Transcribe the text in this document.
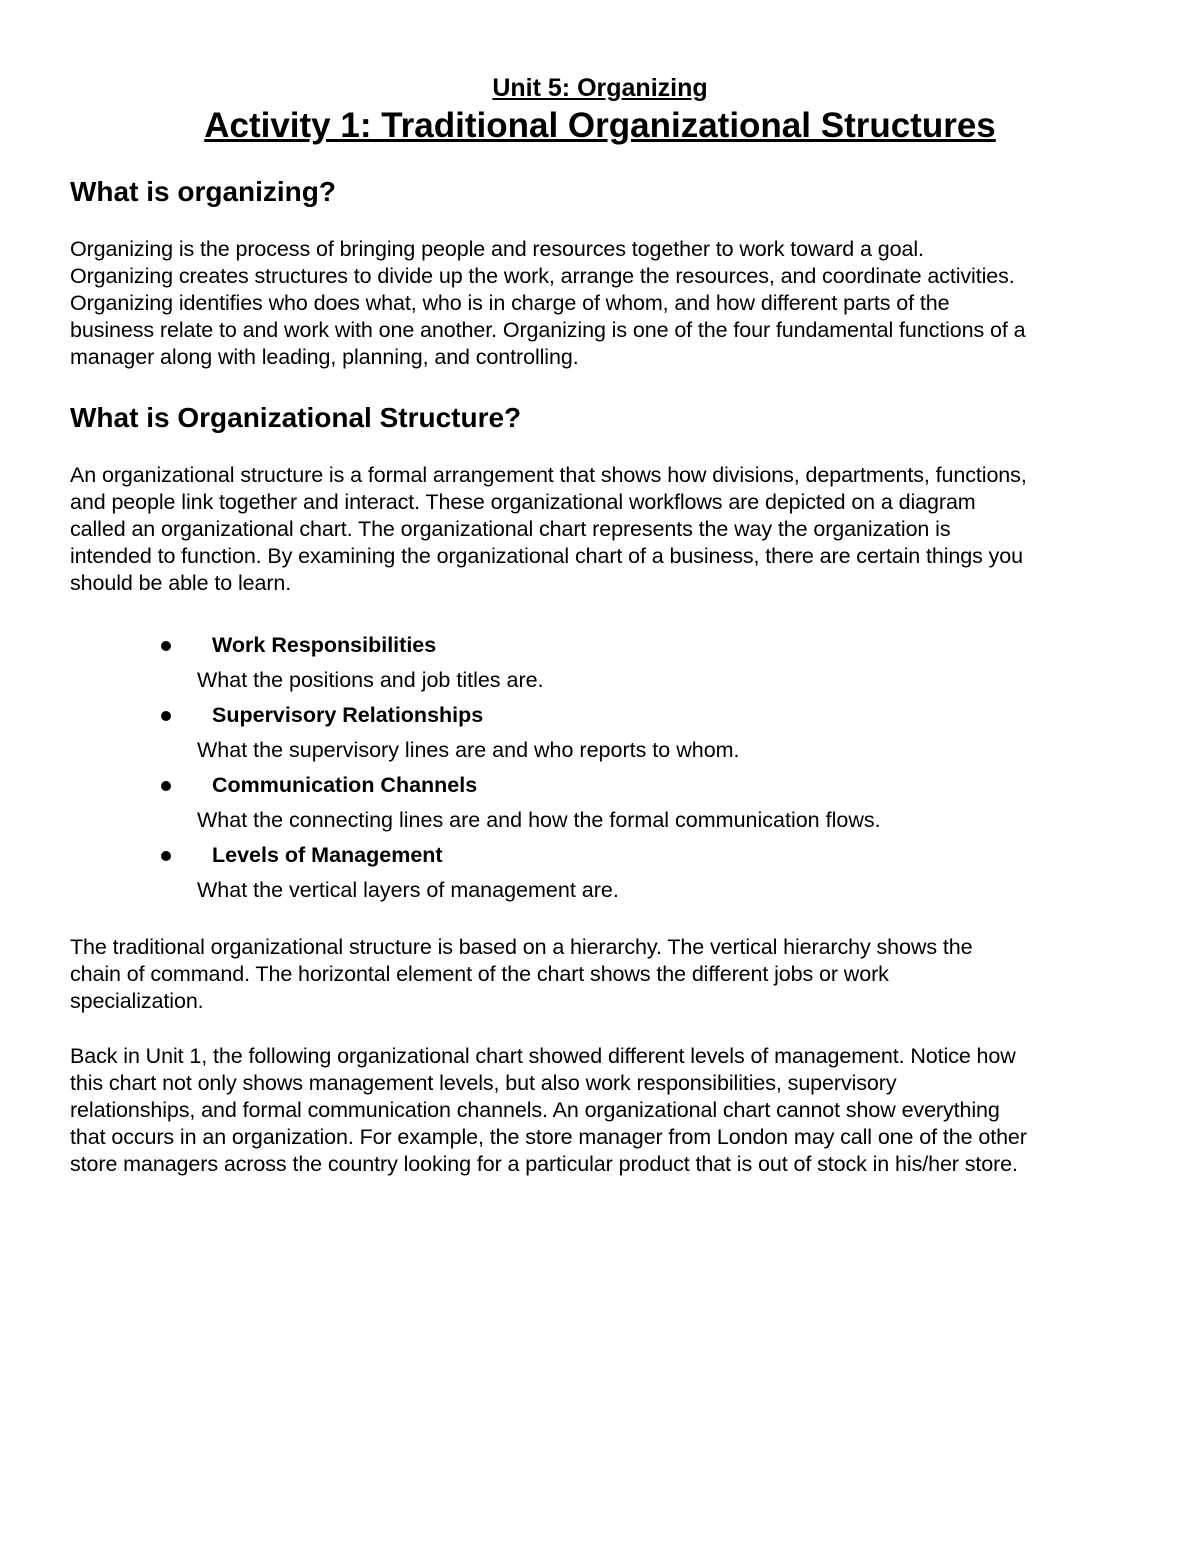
Unit 5: Organizing
Activity 1: Traditional Organizational Structures
What is organizing?

Organizing is the process of bringing people and resources together to work toward a goal.
Organizing creates structures to divide up the work, arrange the resources, and coordinate activities.
Organizing identifies who does what, who is in charge of whom, and how different parts of the
business relate to and work with one another. Organizing is one of the four fundamental functions of a
manager along with leading, planning, and controlling.

What is Organizational Structure?

An organizational structure is a formal arrangement that shows how divisions, departments, functions,
and people link together and interact. These organizational workflows are depicted on a diagram
called an organizational chart. The organizational chart represents the way the organization is
intended to function. By examining the organizational chart of a business, there are certain things you
should be able to learn.

Work Responsibilities
What the positions and job titles are.
Supervisory Relationships
What the supervisory lines are and who reports to whom.
Communication Channels
What the connecting lines are and how the formal communication flows.
Levels of Management
What the vertical layers of management are.

The traditional organizational structure is based on a hierarchy. The vertical hierarchy shows the
chain of command. The horizontal element of the chart shows the different jobs or work
specialization.

Back in Unit 1, the following organizational chart showed different levels of management. Notice how
this chart not only shows management levels, but also work responsibilities, supervisory
relationships, and formal communication channels. An organizational chart cannot show everything
that occurs in an organization. For example, the store manager from London may call one of the other
store managers across the country looking for a particular product that is out of stock in his/her store.
